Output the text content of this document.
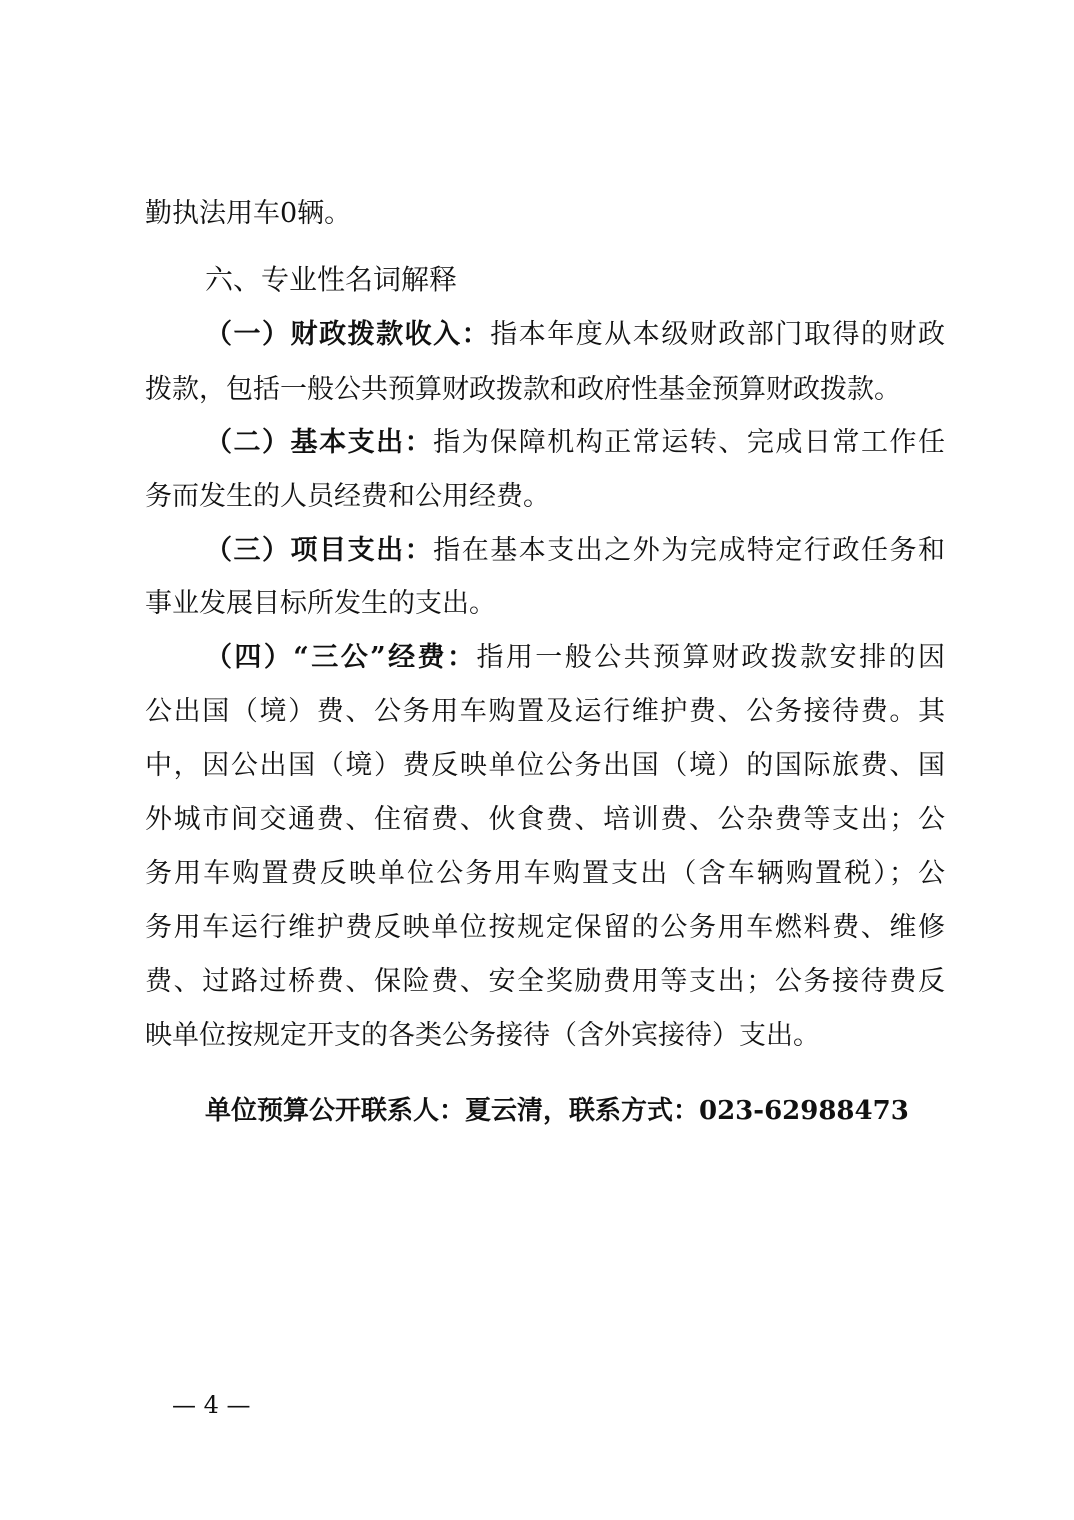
勤执法用车0辆。
六、专业性名词解释
（一）财政拨款收入：指本年度从本级财政部门取得的财政
拨款，包括一般公共预算财政拨款和政府性基金预算财政拨款。
（二）基本支出：指为保障机构正常运转、完成日常工作任
务而发生的人员经费和公用经费。
（三）项目支出：指在基本支出之外为完成特定行政任务和
事业发展目标所发生的支出。
（四）“三公”经费：指用一般公共预算财政拨款安排的因
公出国（境）费、公务用车购置及运行维护费、公务接待费。其
中，因公出国（境）费反映单位公务出国（境）的国际旅费、国
外城市间交通费、住宿费、伙食费、培训费、公杂费等支出；公
务用车购置费反映单位公务用车购置支出（含车辆购置税）；公
务用车运行维护费反映单位按规定保留的公务用车燃料费、维修
费、过路过桥费、保险费、安全奖励费用等支出；公务接待费反
映单位按规定开支的各类公务接待（含外宾接待）支出。
单位预算公开联系人：夏云清，联系方式：023-62988473
— 4 —
